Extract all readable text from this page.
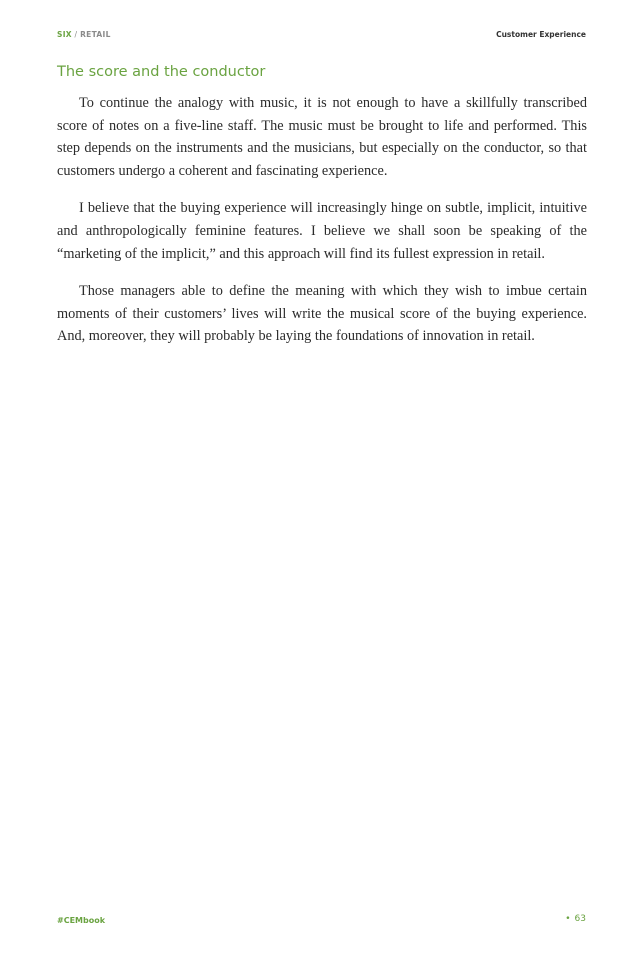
SIX / RETAIL	Customer Experience
The score and the conductor

To continue the analogy with music, it is not enough to have a skillfully transcribed score of notes on a five-line staff. The music must be brought to life and performed. This step depends on the instruments and the musicians, but especially on the conductor, so that customers undergo a coherent and fascinating experience.

I believe that the buying experience will increasingly hinge on subtle, implicit, intuitive and anthropologically feminine features. I believe we shall soon be speaking of the “marketing of the implicit,” and this approach will find its fullest expression in retail.

Those managers able to define the meaning with which they wish to imbue certain moments of their customers’ lives will write the musical score of the buying experience. And, moreover, they will probably be laying the foundations of innovation in retail.

#CEMbook	• 63
